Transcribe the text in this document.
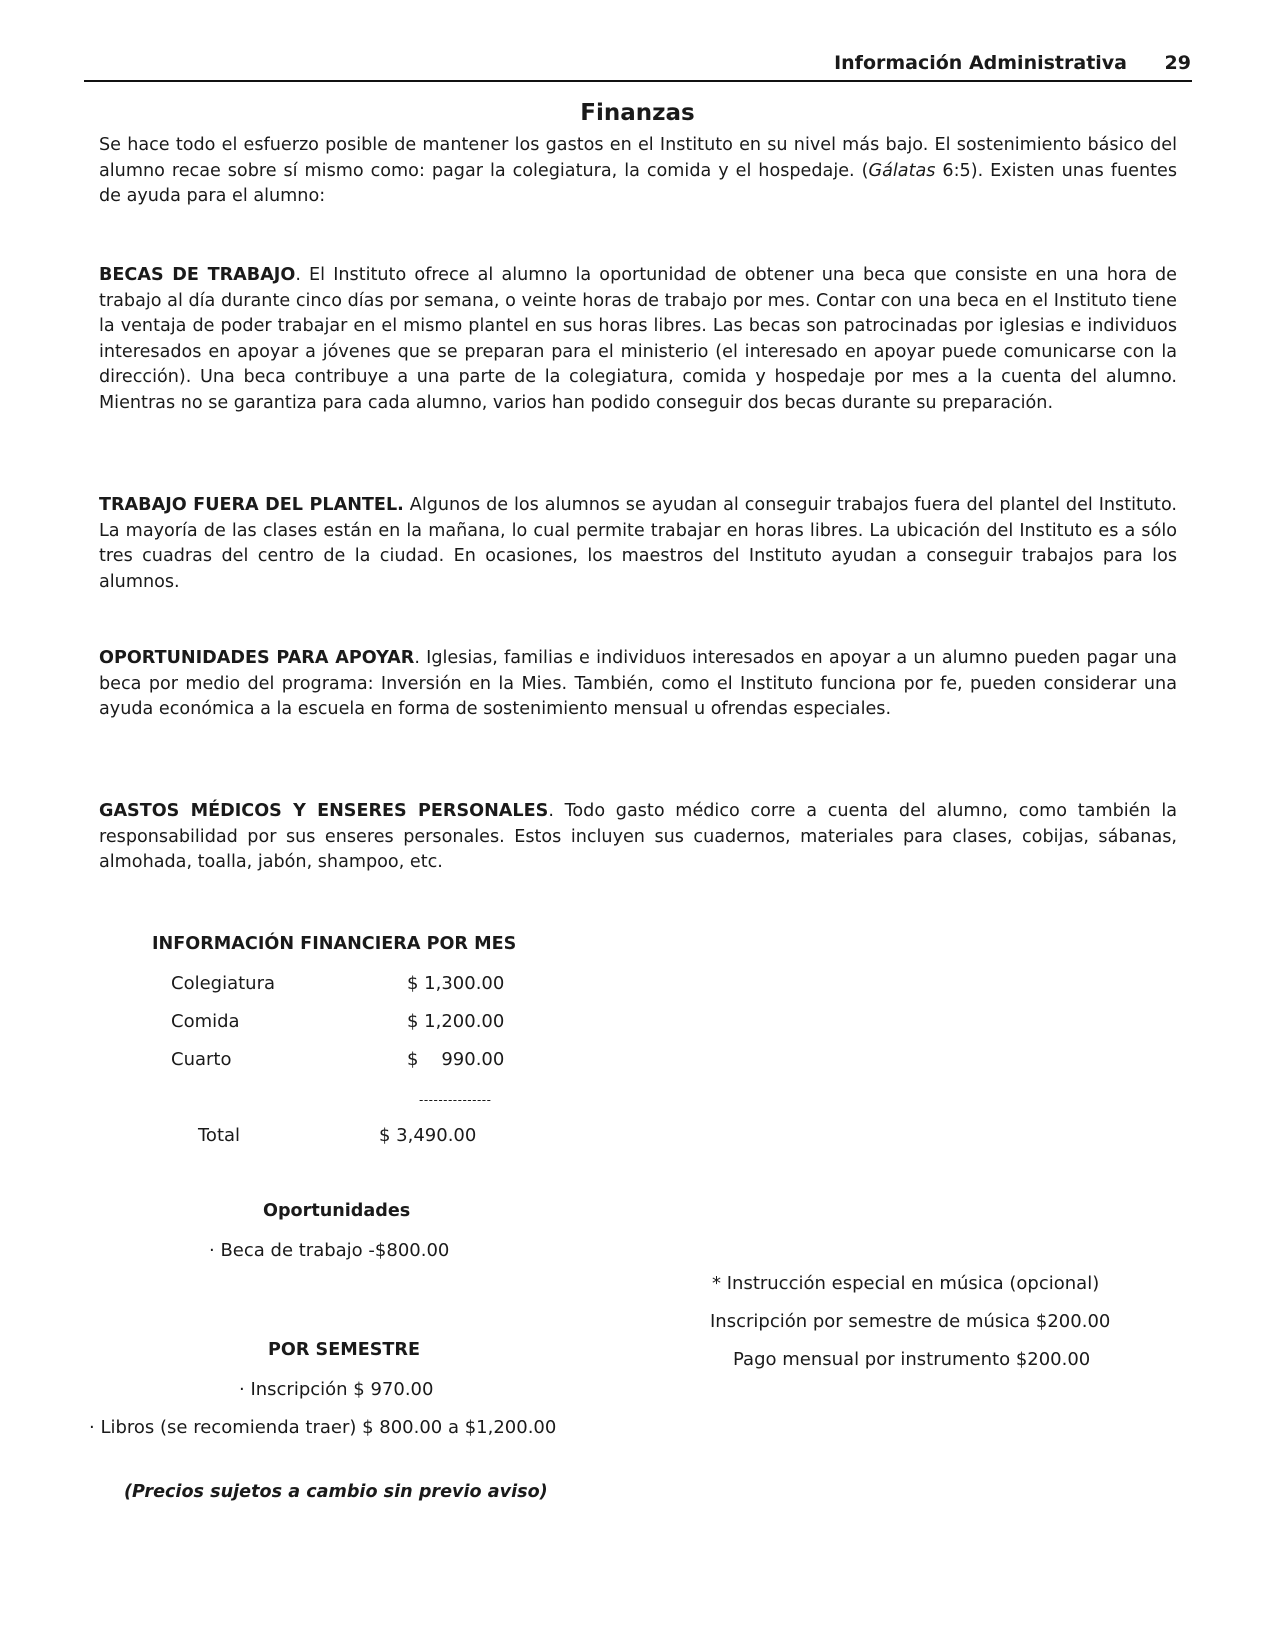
Información Administrativa 29
Finanzas
Se hace todo el esfuerzo posible de mantener los gastos en el Instituto en su nivel más bajo. El sostenimiento básico del alumno recae sobre sí mismo como: pagar la colegiatura, la comida y el hospedaje. (Gálatas 6:5). Existen unas fuentes de ayuda para el alumno:
BECAS DE TRABAJO. El Instituto ofrece al alumno la oportunidad de obtener una beca que consiste en una hora de trabajo al día durante cinco días por semana, o veinte horas de trabajo por mes. Contar con una beca en el Instituto tiene la ventaja de poder trabajar en el mismo plantel en sus horas libres. Las becas son patrocinadas por iglesias e individuos interesados en apoyar a jóvenes que se preparan para el ministerio (el interesado en apoyar puede comunicarse con la dirección). Una beca contribuye a una parte de la colegiatura, comida y hospedaje por mes a la cuenta del alumno. Mientras no se garantiza para cada alumno, varios han podido conseguir dos becas durante su preparación.
TRABAJO FUERA DEL PLANTEL. Algunos de los alumnos se ayudan al conseguir trabajos fuera del plantel del Instituto. La mayoría de las clases están en la mañana, lo cual permite trabajar en horas libres. La ubicación del Instituto es a sólo tres cuadras del centro de la ciudad. En ocasiones, los maestros del Instituto ayudan a conseguir trabajos para los alumnos.
OPORTUNIDADES PARA APOYAR. Iglesias, familias e individuos interesados en apoyar a un alumno pueden pagar una beca por medio del programa: Inversión en la Mies. También, como el Instituto funciona por fe, pueden considerar una ayuda económica a la escuela en forma de sostenimiento mensual u ofrendas especiales.
GASTOS MÉDICOS Y ENSERES PERSONALES. Todo gasto médico corre a cuenta del alumno, como también la responsabilidad por sus enseres personales. Estos incluyen sus cuadernos, materiales para clases, cobijas, sábanas, almohada, toalla, jabón, shampoo, etc.
INFORMACIÓN FINANCIERA POR MES
Colegiatura	$ 1,300.00
Comida	$ 1,200.00
Cuarto	$    990.00
---------------
Total	$ 3,490.00
Oportunidades
· Beca de trabajo -$800.00
POR SEMESTRE
· Inscripción $ 970.00
· Libros (se recomienda traer) $ 800.00 a $1,200.00
* Instrucción especial en música (opcional)
Inscripción por semestre de música $200.00
Pago mensual por instrumento $200.00
(Precios sujetos a cambio sin previo aviso)
